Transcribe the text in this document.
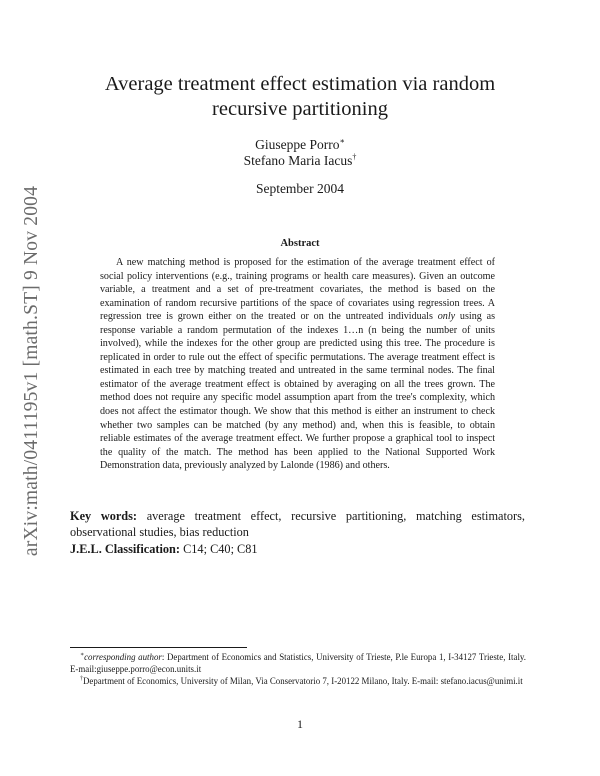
arXiv:math/0411195v1 [math.ST] 9 Nov 2004
Average treatment effect estimation via random recursive partitioning
Giuseppe Porro∗
Stefano Maria Iacus†
September 2004
Abstract

A new matching method is proposed for the estimation of the average treatment effect of social policy interventions (e.g., training programs or health care measures). Given an outcome variable, a treatment and a set of pre-treatment covariates, the method is based on the examination of random recursive partitions of the space of covariates using regression trees. A regression tree is grown either on the treated or on the untreated individuals only using as response variable a random permutation of the indexes 1…n (n being the number of units involved), while the indexes for the other group are predicted using this tree. The procedure is replicated in order to rule out the effect of specific permutations. The average treatment effect is estimated in each tree by matching treated and untreated in the same terminal nodes. The final estimator of the average treatment effect is obtained by averaging on all the trees grown. The method does not require any specific model assumption apart from the tree's complexity, which does not affect the estimator though. We show that this method is either an instrument to check whether two samples can be matched (by any method) and, when this is feasible, to obtain reliable estimates of the average treatment effect. We further propose a graphical tool to inspect the quality of the match. The method has been applied to the National Supported Work Demonstration data, previously analyzed by Lalonde (1986) and others.

Key words: average treatment effect, recursive partitioning, matching estimators, observational studies, bias reduction

J.E.L. Classification: C14; C40; C81

∗corresponding author: Department of Economics and Statistics, University of Trieste, P.le Europa 1, I-34127 Trieste, Italy. E-mail:giuseppe.porro@econ.units.it

†Department of Economics, University of Milan, Via Conservatorio 7, I-20122 Milano, Italy. E-mail: stefano.iacus@unimi.it

1
